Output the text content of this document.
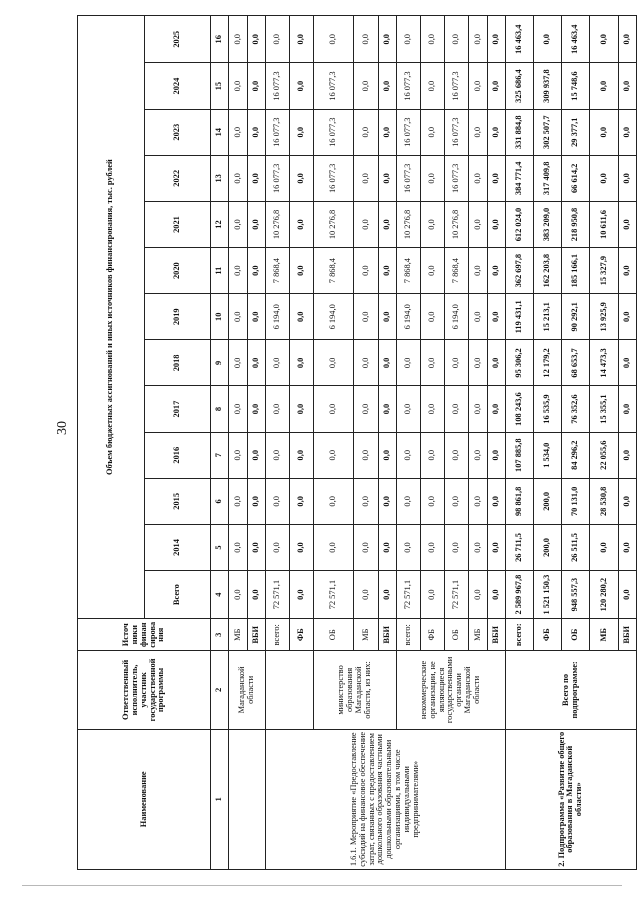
30
Наименование	Ответственный исполнитель, участник государственной программы	Источники финансирования	Объем бюджетных ассигнований и иных источников финансирования, тыс. рублей												
			Всего	2014	2015	2016	2017	2018	2019	2020	2021	2022	2023	2024	2025
1	2	3	4	5	6	7	8	9	10	11	12	13	14	15	16
	Магаданской области	МБ	0,0	0,0	0,0	0,0	0,0	0,0	0,0	0,0	0,0	0,0	0,0	0,0	0,0
		ВБИ	0,0	0,0	0,0	0,0	0,0	0,0	0,0	0,0	0,0	0,0	0,0	0,0	0,0
1.6.1. Мероприятие «Предоставление субсидий на финансовое обеспечение затрат, связанных с предоставлением дошкольного образования частными дошкольными образовательными организациями, в том числе индивидуальными предпринимателями»		всего:	72 571,1	0,0	0,0	0,0	0,0	0,0	6 194,0	7 868,4	10 276,8	16 077,3	16 077,3	16 077,3	0,0
		ФБ	0,0	0,0	0,0	0,0	0,0	0,0	0,0	0,0	0,0	0,0	0,0	0,0	0,0
	министерство образования Магаданской области, из них:	ОБ	72 571,1	0,0	0,0	0,0	0,0	0,0	6 194,0	7 868,4	10 276,8	16 077,3	16 077,3	16 077,3	0,0
		МБ	0,0	0,0	0,0	0,0	0,0	0,0	0,0	0,0	0,0	0,0	0,0	0,0	0,0
		ВБИ	0,0	0,0	0,0	0,0	0,0	0,0	0,0	0,0	0,0	0,0	0,0	0,0	0,0
	некоммерческие организации, не являющиеся государственными органами Магаданской области	всего:	72 571,1	0,0	0,0	0,0	0,0	0,0	6 194,0	7 868,4	10 276,8	16 077,3	16 077,3	16 077,3	0,0
		ФБ	0,0	0,0	0,0	0,0	0,0	0,0	0,0	0,0	0,0	0,0	0,0	0,0	0,0
		ОБ	72 571,1	0,0	0,0	0,0	0,0	0,0	6 194,0	7 868,4	10 276,8	16 077,3	16 077,3	16 077,3	0,0
		МБ	0,0	0,0	0,0	0,0	0,0	0,0	0,0	0,0	0,0	0,0	0,0	0,0	0,0
		ВБИ	0,0	0,0	0,0	0,0	0,0	0,0	0,0	0,0	0,0	0,0	0,0	0,0	0,0
2. Подпрограмма «Развитие общего образования в Магаданской области»	Всего по подпрограмме:	всего:	2 589 967,8	26 711,5	98 861,8	107 885,8	108 243,6	95 306,2	119 431,1	362 697,8	612 024,0	384 771,4	331 884,8	325 686,4	16 463,4
		ФБ	1 521 150,3	200,0	200,0	1 534,0	16 535,9	12 179,2	15 213,1	162 203,8	383 209,0	317 409,8	302 507,7	309 937,8	0,0
		ОБ	948 557,3	26 511,5	70 131,0	84 296,2	76 352,6	68 653,7	90 292,1	185 166,1	218 950,8	66 614,2	29 377,1	15 748,6	16 463,4
		МБ	120 280,2	0,0	28 530,8	22 055,6	15 355,1	14 473,3	13 925,9	15 327,9	10 611,6	0,0	0,0	0,0	0,0
		ВБИ	0,0	0,0	0,0	0,0	0,0	0,0	0,0	0,0	0,0	0,0	0,0	0,0	0,0
